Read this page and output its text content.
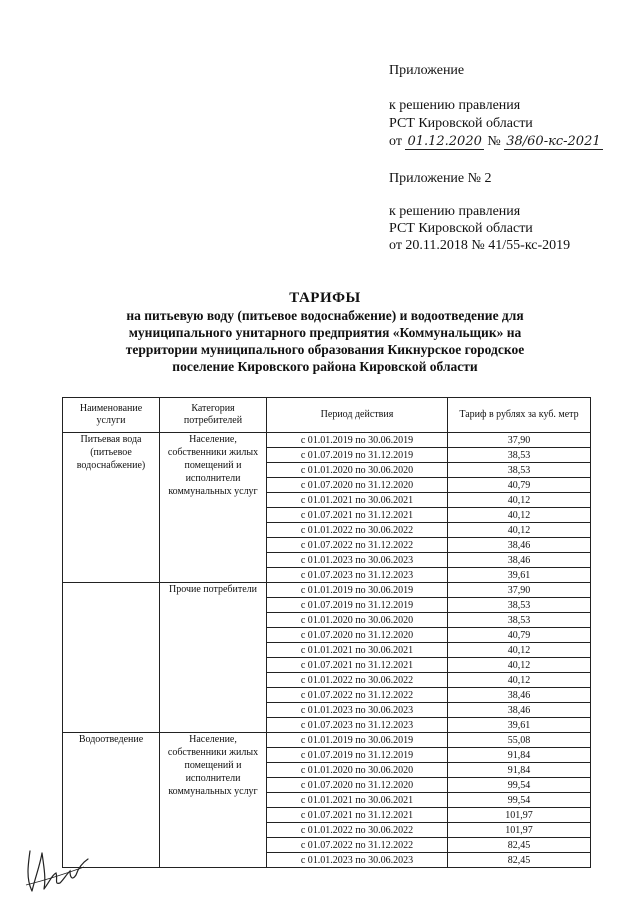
Приложение
к решению правления
РСТ Кировской области
от 01.12.2020 № 38/60-кс-2021
Приложение № 2
к решению правления
РСТ Кировской области
от 20.11.2018 № 41/55-кс-2019

ТАРИФЫ

на питьевую воду (питьевое водоснабжение) и водоотведение для

муниципального унитарного предприятия «Коммунальщик» на

территории муниципального образования Кикнурское городское

поселение Кировского района Кировской области

Наименование услуги	Категория потребителей	Период действия	Тариф в рублях за куб. метр
Питьевая вода (питьевое водоснабжение)	Население, собственники жилых помещений и исполнители коммунальных услуг	с 01.01.2019 по 30.06.2019	37,90
		с 01.07.2019 по 31.12.2019	38,53
		с 01.01.2020 по 30.06.2020	38,53
		с 01.07.2020 по 31.12.2020	40,79
		с 01.01.2021 по 30.06.2021	40,12
		с 01.07.2021 по 31.12.2021	40,12
		с 01.01.2022 по 30.06.2022	40,12
		с 01.07.2022 по 31.12.2022	38,46
		с 01.01.2023 по 30.06.2023	38,46
		с 01.07.2023 по 31.12.2023	39,61
	Прочие потребители	с 01.01.2019 по 30.06.2019	37,90
		с 01.07.2019 по 31.12.2019	38,53
		с 01.01.2020 по 30.06.2020	38,53
		с 01.07.2020 по 31.12.2020	40,79
		с 01.01.2021 по 30.06.2021	40,12
		с 01.07.2021 по 31.12.2021	40,12
		с 01.01.2022 по 30.06.2022	40,12
		с 01.07.2022 по 31.12.2022	38,46
		с 01.01.2023 по 30.06.2023	38,46
		с 01.07.2023 по 31.12.2023	39,61
Водоотведение	Население, собственники жилых помещений и исполнители коммунальных услуг	с 01.01.2019 по 30.06.2019	55,08
		с 01.07.2019 по 31.12.2019	91,84
		с 01.01.2020 по 30.06.2020	91,84
		с 01.07.2020 по 31.12.2020	99,54
		с 01.01.2021 по 30.06.2021	99,54
		с 01.07.2021 по 31.12.2021	101,97
		с 01.01.2022 по 30.06.2022	101,97
		с 01.07.2022 по 31.12.2022	82,45
		с 01.01.2023 по 30.06.2023	82,45
